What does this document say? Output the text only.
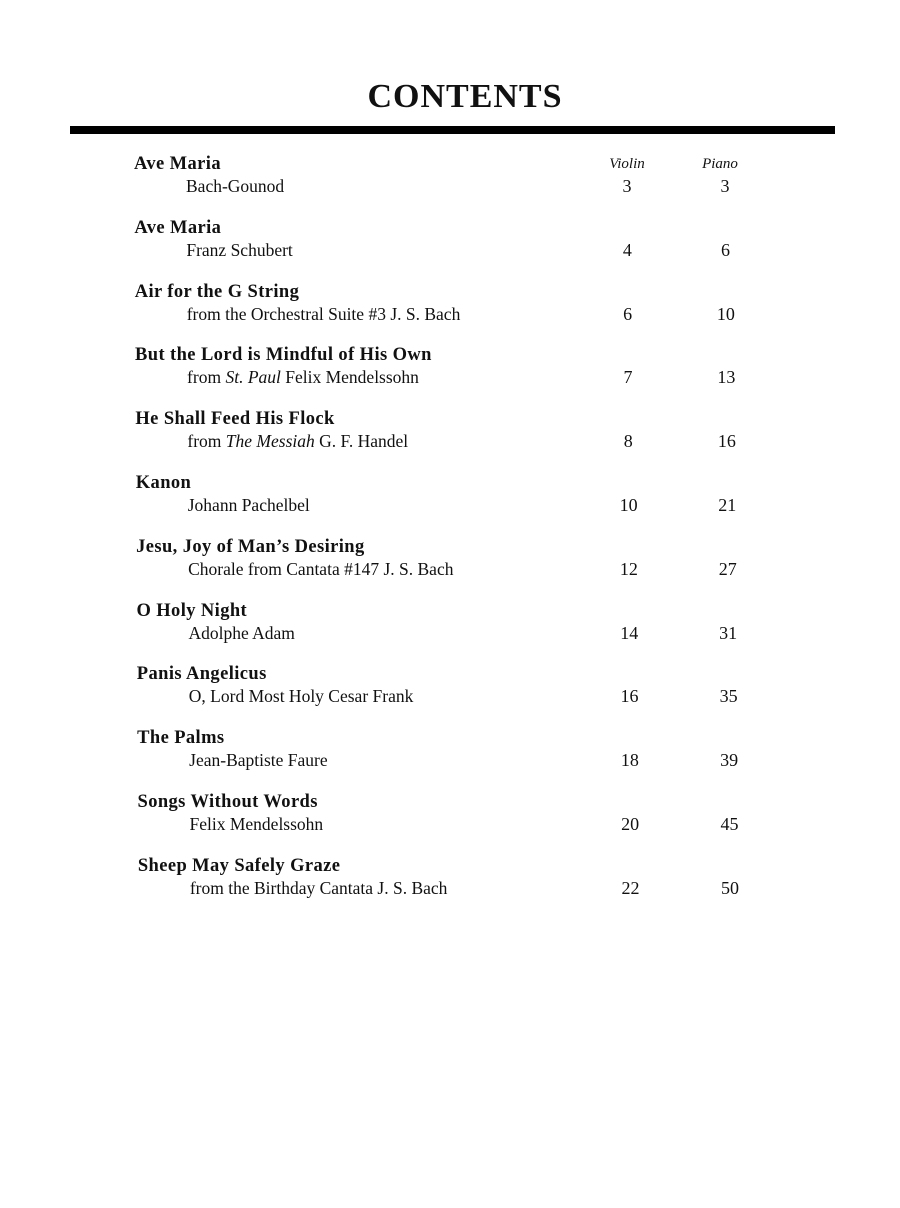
CONTENTS
Violin	Piano
Ave Maria
Bach-Gounod	3	3
Ave Maria
Franz Schubert	4	6
Air for the G String
from the Orchestral Suite #3 J. S. Bach	6	10
But the Lord is Mindful of His Own
from St. Paul Felix Mendelssohn	7	13
He Shall Feed His Flock
from The Messiah G. F. Handel	8	16
Kanon
Johann Pachelbel	10	21
Jesu, Joy of Man’s Desiring
Chorale from Cantata #147 J. S. Bach	12	27
O Holy Night
Adolphe Adam	14	31
Panis Angelicus
O, Lord Most Holy Cesar Frank	16	35
The Palms
Jean-Baptiste Faure	18	39
Songs Without Words
Felix Mendelssohn	20	45
Sheep May Safely Graze
from the Birthday Cantata J. S. Bach	22	50
